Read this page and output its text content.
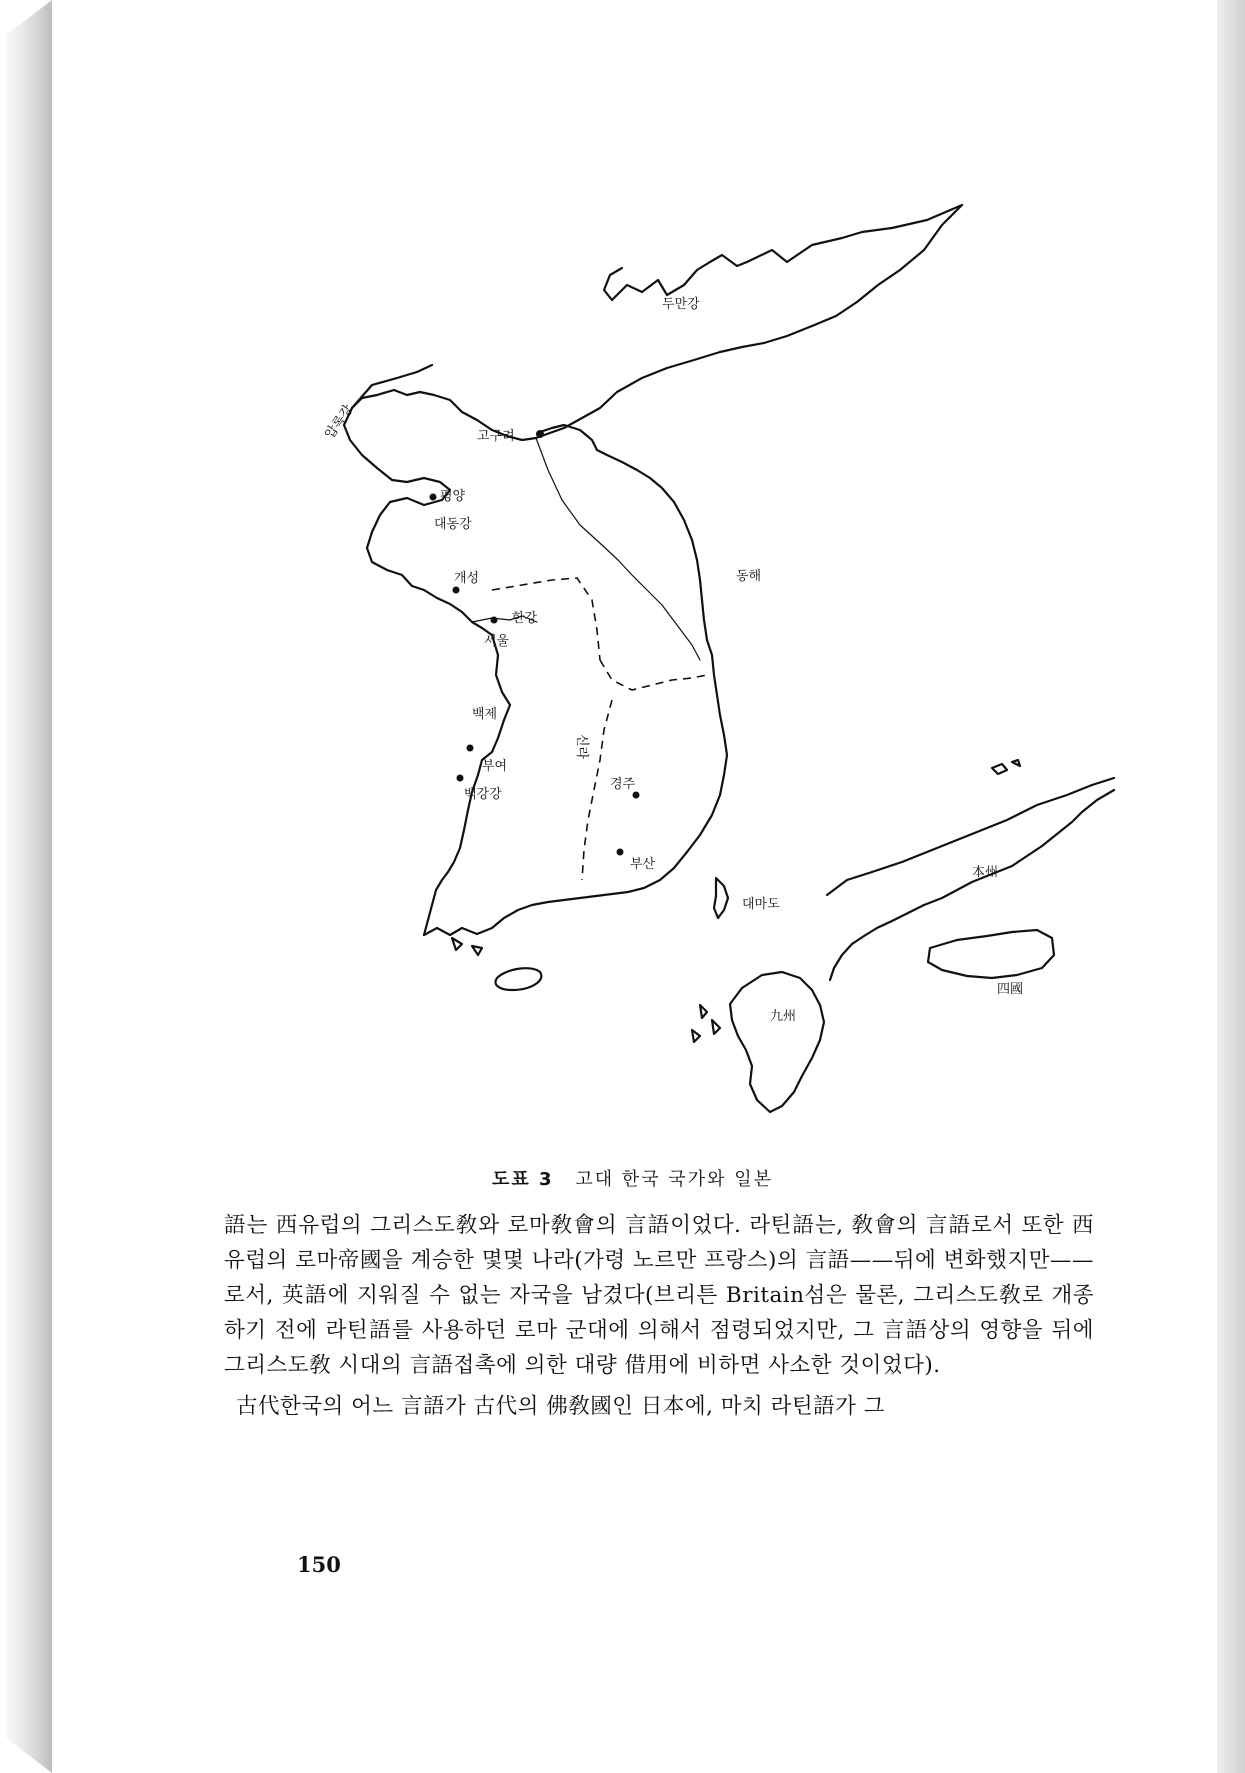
두만강
고구려
압록강
평양
대동강
개성
한강
서울
동해
백제
부여
백강강
경주
신라
부산
대마도
本州
九州
四國
도표 3 고대 한국 국가와 일본

語는 西유럽의 그리스도敎와 로마敎會의 言語이었다. 라틴語는, 敎會의 言語로서 또한 西유럽의 로마帝國을 계승한 몇몇 나라(가령 노르만 프랑스)의 言語——뒤에 변화했지만——로서, 英語에 지워질 수 없는 자국을 남겼다(브리튼 Britain섬은 물론, 그리스도敎로 개종하기 전에 라틴語를 사용하던 로마 군대에 의해서 점령되었지만, 그 言語상의 영향을 뒤에 그리스도敎 시대의 言語접촉에 의한 대량 借用에 비하면 사소한 것이었다).

古代한국의 어느 言語가 古代의 佛敎國인 日本에, 마치 라틴語가 그

150
